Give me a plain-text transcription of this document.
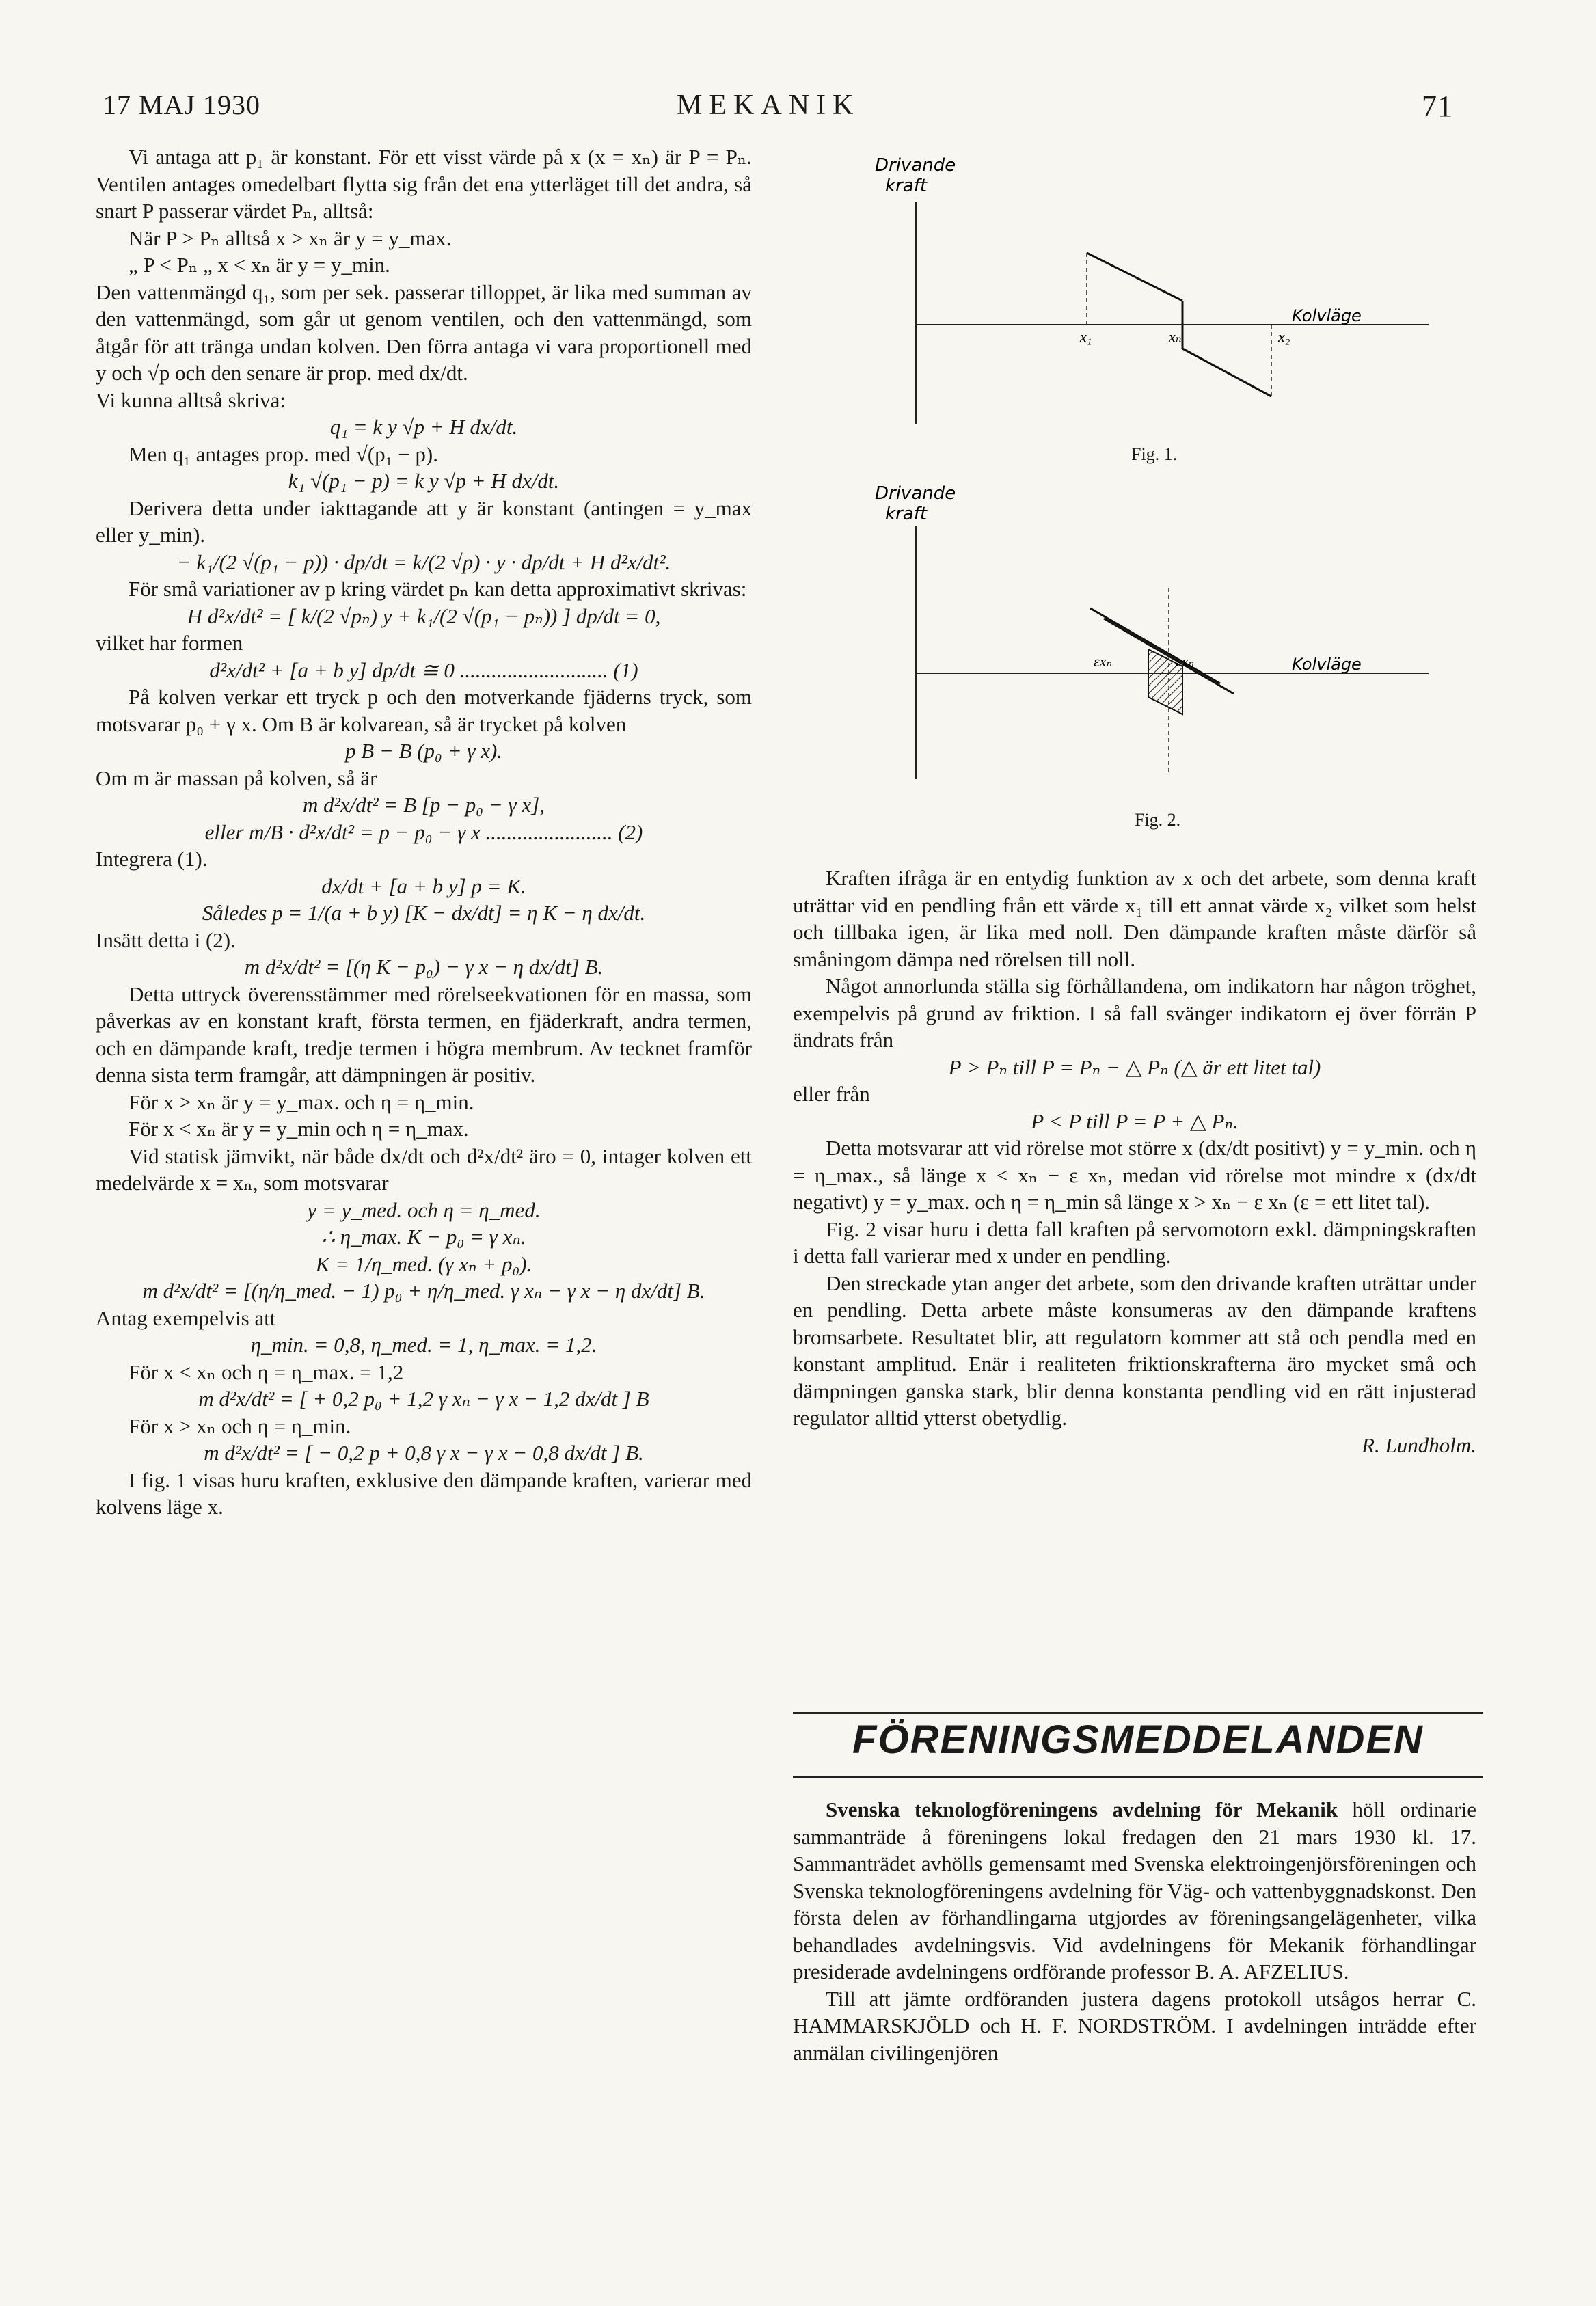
17 MAJ 1930	MEKANIK	71

Vi antaga att p₁ är konstant. För ett visst värde på x (x = xₙ) är P = Pₙ. Ventilen antages omedelbart flytta sig från det ena ytterläget till det andra, så snart P passerar värdet Pₙ, alltså:

När P > Pₙ alltså x > xₙ är y = y_max.

„ P < Pₙ „ x < xₙ är y = y_min.

Den vattenmängd q₁, som per sek. passerar tilloppet, är lika med summan av den vattenmängd, som går ut genom ventilen, och den vattenmängd, som åtgår för att tränga undan kolven. Den förra antaga vi vara proportionell med y och √p och den senare är prop. med dx/dt.

Vi kunna alltså skriva:

q₁ = k y √p + H dx/dt.

Men q₁ antages prop. med √(p₁ − p).

k₁ √(p₁ − p) = k y √p + H dx/dt.

Derivera detta under iakttagande att y är konstant (antingen = y_max eller y_min).

− k₁/(2 √(p₁ − p)) · dp/dt = k/(2 √p) · y · dp/dt + H d²x/dt².

För små variationer av p kring värdet pₙ kan detta approximativt skrivas:

H d²x/dt² = [ k/(2 √pₙ) y + k₁/(2 √(p₁ − pₙ)) ] dp/dt = 0,

vilket har formen

d²x/dt² + [a + b y] dp/dt ≅ 0 ............................ (1)

På kolven verkar ett tryck p och den motverkande fjäderns tryck, som motsvarar p₀ + γ x. Om B är kolvarean, så är trycket på kolven

p B − B (p₀ + γ x).

Om m är massan på kolven, så är

m d²x/dt² = B [p − p₀ − γ x],

eller m/B · d²x/dt² = p − p₀ − γ x ........................ (2)

Integrera (1).

dx/dt + [a + b y] p = K.

Således p = 1/(a + b y) [K − dx/dt] = η K − η dx/dt.

Insätt detta i (2).

m d²x/dt² = [(η K − p₀) − γ x − η dx/dt] B.

Detta uttryck överensstämmer med rörelseekvationen för en massa, som påverkas av en konstant kraft, första termen, en fjäderkraft, andra termen, och en dämpande kraft, tredje termen i högra membrum. Av tecknet framför denna sista term framgår, att dämpningen är positiv.

För x > xₙ är y = y_max. och η = η_min.

För x < xₙ är y = y_min och η = η_max.

Vid statisk jämvikt, när både dx/dt och d²x/dt² äro = 0, intager kolven ett medelvärde x = xₙ, som motsvarar

y = y_med. och η = η_med.

∴ η_max. K − p₀ = γ xₙ.

K = 1/η_med. (γ xₙ + p₀).

m d²x/dt² = [(η/η_med. − 1) p₀ + η/η_med. γ xₙ − γ x − η dx/dt] B.

Antag exempelvis att

η_min. = 0,8, η_med. = 1, η_max. = 1,2.

För x < xₙ och η = η_max. = 1,2

m d²x/dt² = [ + 0,2 p₀ + 1,2 γ xₙ − γ x − 1,2 dx/dt ] B

För x > xₙ och η = η_min.

m d²x/dt² = [ − 0,2 p + 0,8 γ x − γ x − 0,8 dx/dt ] B.

I fig. 1 visas huru kraften, exklusive den dämpande kraften, varierar med kolvens läge x.

Drivande
kraft
Kolvläge
x₁	xₙ	x₂
Fig. 1.
Drivande
kraft
Kolvläge
εxₙ	εxₙ
Fig. 2.

Kraften ifråga är en entydig funktion av x och det arbete, som denna kraft uträttar vid en pendling från ett värde x₁ till ett annat värde x₂ vilket som helst och tillbaka igen, är lika med noll. Den dämpande kraften måste därför så småningom dämpa ned rörelsen till noll.

Något annorlunda ställa sig förhållandena, om indikatorn har någon tröghet, exempelvis på grund av friktion. I så fall svänger indikatorn ej över förrän P ändrats från

P > Pₙ till P = Pₙ − △ Pₙ (△ är ett litet tal)

eller från

P < P till P = P + △ Pₙ.

Detta motsvarar att vid rörelse mot större x (dx/dt positivt) y = y_min. och η = η_max., så länge x < xₙ − ε xₙ, medan vid rörelse mot mindre x (dx/dt negativt) y = y_max. och η = η_min så länge x > xₙ − ε xₙ (ε = ett litet tal).

Fig. 2 visar huru i detta fall kraften på servomotorn exkl. dämpningskraften i detta fall varierar med x under en pendling.

Den streckade ytan anger det arbete, som den drivande kraften uträttar under en pendling. Detta arbete måste konsumeras av den dämpande kraftens bromsarbete. Resultatet blir, att regulatorn kommer att stå och pendla med en konstant amplitud. Enär i realiteten friktionskrafterna äro mycket små och dämpningen ganska stark, blir denna konstanta pendling vid en rätt injusterad regulator alltid ytterst obetydlig.

R. Lundholm.

FÖRENINGSMEDDELANDEN

Svenska teknologföreningens avdelning för Mekanik höll ordinarie sammanträde å föreningens lokal fredagen den 21 mars 1930 kl. 17. Sammanträdet avhölls gemensamt med Svenska elektroingenjörsföreningen och Svenska teknologföreningens avdelning för Väg- och vattenbyggnadskonst. Den första delen av förhandlingarna utgjordes av föreningsangelägenheter, vilka behandlades avdelningsvis. Vid avdelningens för Mekanik förhandlingar presiderade avdelningens ordförande professor B. A. AFZELIUS.

Till att jämte ordföranden justera dagens protokoll utsågos herrar C. HAMMARSKJÖLD och H. F. NORDSTRÖM. I avdelningen inträdde efter anmälan civilingenjören
